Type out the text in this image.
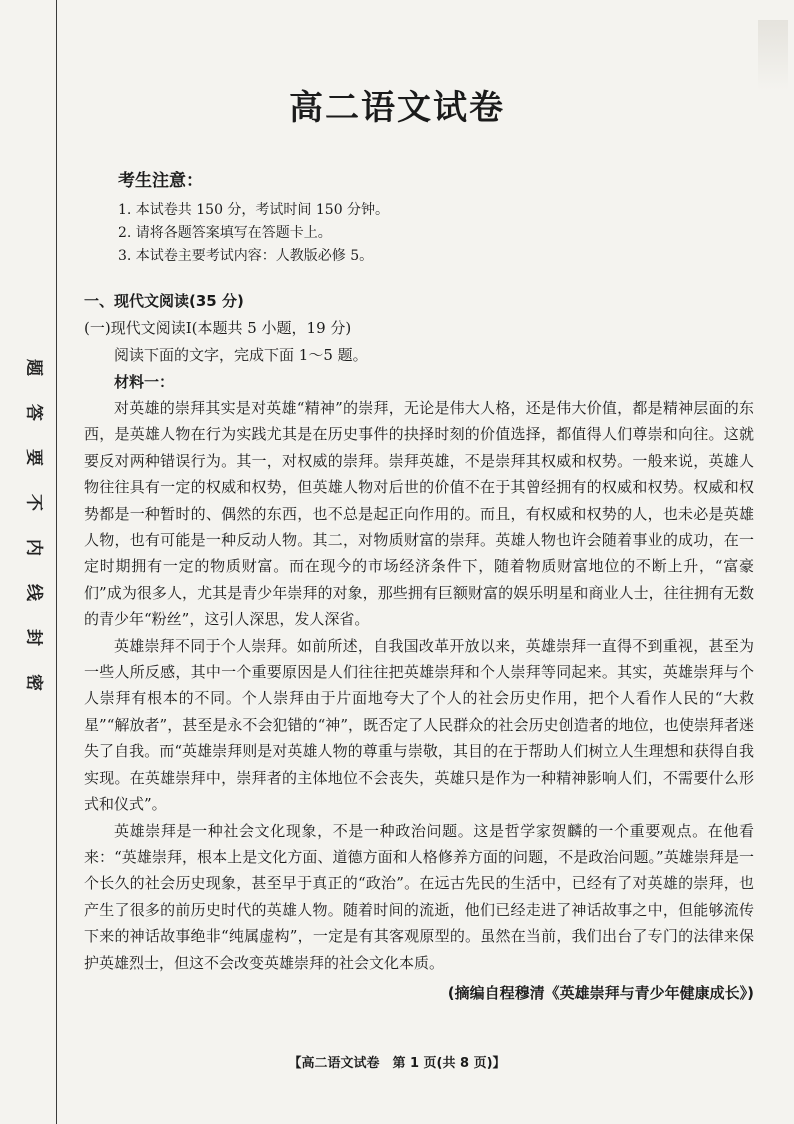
题
答
要
不
内
线
封
密
高二语文试卷
考生注意：
1. 本试卷共 150 分，考试时间 150 分钟。
2. 请将各题答案填写在答题卡上。
3. 本试卷主要考试内容：人教版必修 5。
一、现代文阅读(35 分)
(一)现代文阅读Ⅰ(本题共 5 小题，19 分)
阅读下面的文字，完成下面 1～5 题。
材料一：

对英雄的崇拜其实是对英雄“精神”的崇拜，无论是伟大人格，还是伟大价值，都是精神层面的东西，是英雄人物在行为实践尤其是在历史事件的抉择时刻的价值选择，都值得人们尊崇和向往。这就要反对两种错误行为。其一，对权威的崇拜。崇拜英雄，不是崇拜其权威和权势。一般来说，英雄人物往往具有一定的权威和权势，但英雄人物对后世的价值不在于其曾经拥有的权威和权势。权威和权势都是一种暂时的、偶然的东西，也不总是起正向作用的。而且，有权威和权势的人，也未必是英雄人物，也有可能是一种反动人物。其二，对物质财富的崇拜。英雄人物也许会随着事业的成功，在一定时期拥有一定的物质财富。而在现今的市场经济条件下，随着物质财富地位的不断上升，“富豪们”成为很多人，尤其是青少年崇拜的对象，那些拥有巨额财富的娱乐明星和商业人士，往往拥有无数的青少年“粉丝”，这引人深思，发人深省。

英雄崇拜不同于个人崇拜。如前所述，自我国改革开放以来，英雄崇拜一直得不到重视，甚至为一些人所反感，其中一个重要原因是人们往往把英雄崇拜和个人崇拜等同起来。其实，英雄崇拜与个人崇拜有根本的不同。个人崇拜由于片面地夸大了个人的社会历史作用，把个人看作人民的“大救星”“解放者”，甚至是永不会犯错的“神”，既否定了人民群众的社会历史创造者的地位，也使崇拜者迷失了自我。而“英雄崇拜则是对英雄人物的尊重与崇敬，其目的在于帮助人们树立人生理想和获得自我实现。在英雄崇拜中，崇拜者的主体地位不会丧失，英雄只是作为一种精神影响人们，不需要什么形式和仪式”。

英雄崇拜是一种社会文化现象，不是一种政治问题。这是哲学家贺麟的一个重要观点。在他看来：“英雄崇拜，根本上是文化方面、道德方面和人格修养方面的问题，不是政治问题。”英雄崇拜是一个长久的社会历史现象，甚至早于真正的“政治”。在远古先民的生活中，已经有了对英雄的崇拜，也产生了很多的前历史时代的英雄人物。随着时间的流逝，他们已经走进了神话故事之中，但能够流传下来的神话故事绝非“纯属虚构”，一定是有其客观原型的。虽然在当前，我们出台了专门的法律来保护英雄烈士，但这不会改变英雄崇拜的社会文化本质。

(摘编自程穆清《英雄崇拜与青少年健康成长》)
【高二语文试卷　第 1 页(共 8 页)】
